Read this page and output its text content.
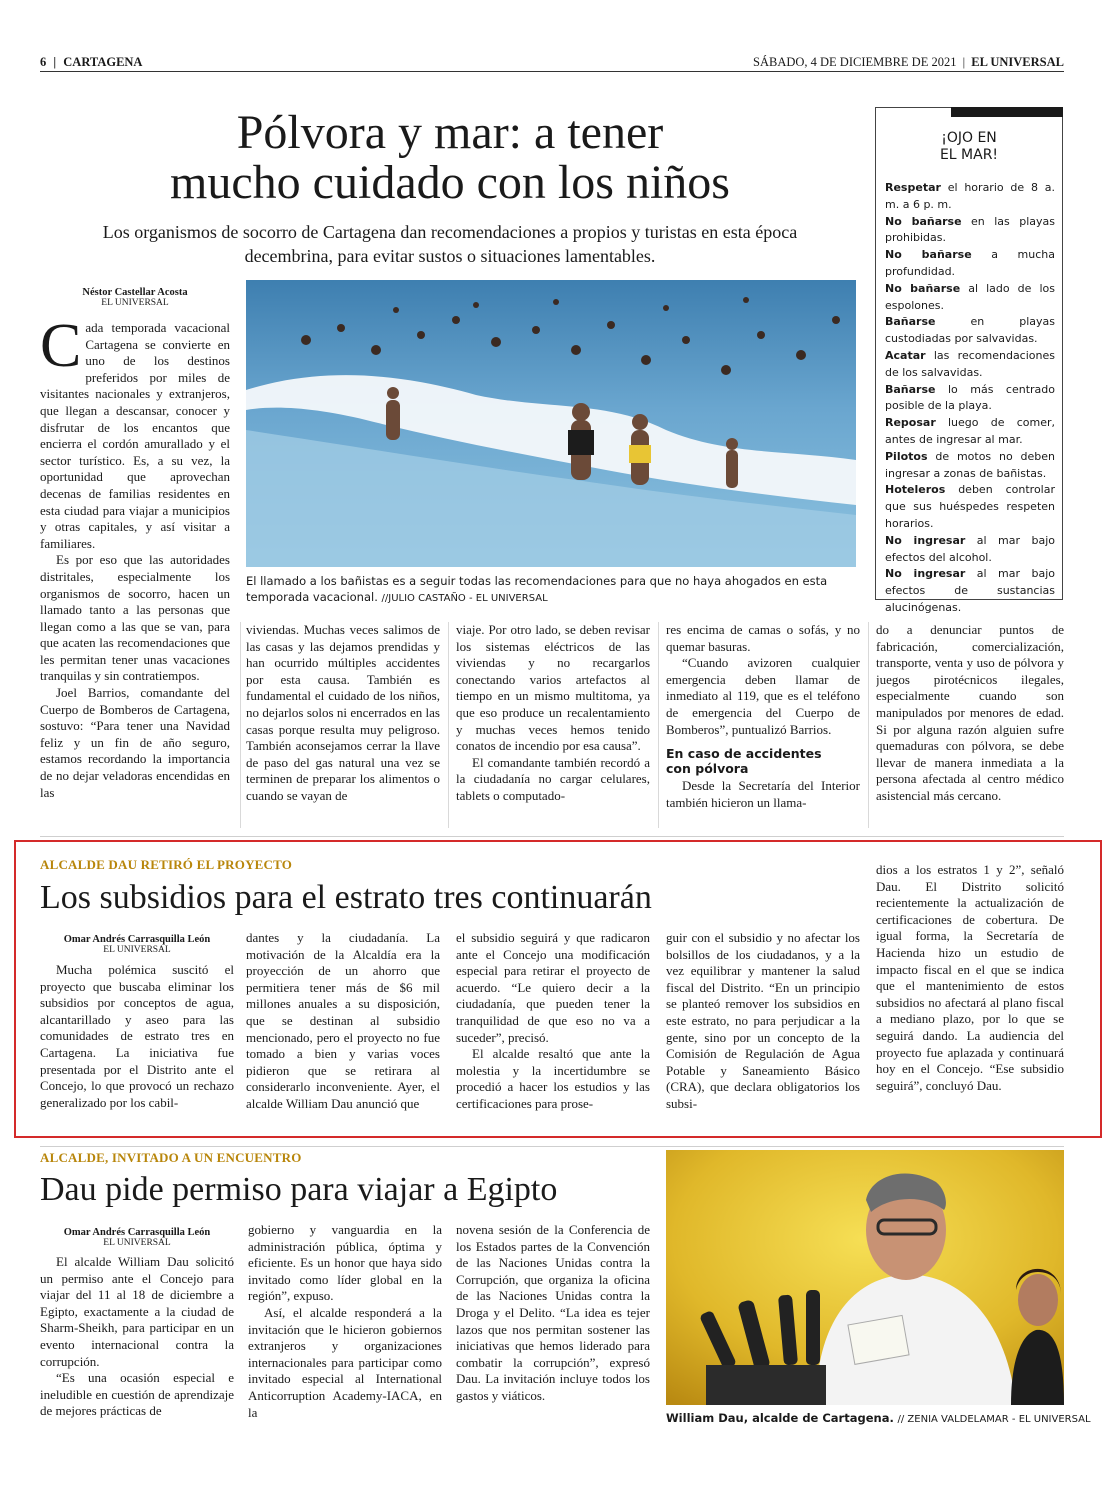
6 | CARTAGENA	SÁBADO, 4 DE DICIEMBRE DE 2021 | EL UNIVERSAL
Pólvora y mar: a tener
mucho cuidado con los niños
Los organismos de socorro de Cartagena dan recomendaciones a propios y turistas en esta época decembrina, para evitar sustos o situaciones lamentables.
Néstor Castellar Acosta
EL UNIVERSAL

Cada temporada vacacional Cartagena se convierte en uno de los destinos preferidos por miles de visitantes nacionales y extranjeros, que llegan a descansar, conocer y disfrutar de los encantos que encierra el cordón amurallado y el sector turístico. Es, a su vez, la oportunidad que aprovechan decenas de familias residentes en esta ciudad para viajar a municipios y otras capitales, y así visitar a familiares.

Es por eso que las autoridades distritales, especialmente los organismos de socorro, hacen un llamado tanto a las personas que llegan como a las que se van, para que acaten las recomendaciones que les permitan tener unas vacaciones tranquilas y sin contratiempos.

Joel Barrios, comandante del Cuerpo de Bomberos de Cartagena, sostuvo: “Para tener una Navidad feliz y un fin de año seguro, estamos recordando la importancia de no dejar veladoras encendidas en las

El llamado a los bañistas es a seguir todas las recomendaciones para que no haya ahogados en esta temporada vacacional. //JULIO CASTAÑO - EL UNIVERSAL

viviendas. Muchas veces salimos de las casas y las dejamos prendidas y han ocurrido múltiples accidentes por esta causa. También es fundamental el cuidado de los niños, no dejarlos solos ni encerrados en las casas porque resulta muy peligroso. También aconsejamos cerrar la llave de paso del gas natural una vez se terminen de preparar los alimentos o cuando se vayan de

viaje. Por otro lado, se deben revisar los sistemas eléctricos de las viviendas y no recargarlos conectando varios artefactos al tiempo en un mismo multitoma, ya que eso produce un recalentamiento y muchas veces hemos tenido conatos de incendio por esa causa”.

El comandante también recordó a la ciudadanía no cargar celulares, tablets o computado-

res encima de camas o sofás, y no quemar basuras.

“Cuando avizoren cualquier emergencia deben llamar de inmediato al 119, que es el teléfono de emergencia del Cuerpo de Bomberos”, puntualizó Barrios.

En caso de accidentes
con pólvora

Desde la Secretaría del Interior también hicieron un llama-

do a denunciar puntos de fabricación, comercialización, transporte, venta y uso de pólvora y juegos pirotécnicos ilegales, especialmente cuando son manipulados por menores de edad. Si por alguna razón alguien sufre quemaduras con pólvora, se debe llevar de manera inmediata a la persona afectada al centro médico asistencial más cercano.

¡OJO EN
EL MAR!

Respetar el horario de 8 a. m. a 6 p. m.

No bañarse en las playas prohibidas.

No bañarse a mucha profundidad.

No bañarse al lado de los espolones.

Bañarse en playas custodiadas por salvavidas.

Acatar las recomendaciones de los salvavidas.

Bañarse lo más centrado posible de la playa.

Reposar luego de comer, antes de ingresar al mar.

Pilotos de motos no deben ingresar a zonas de bañistas.

Hoteleros deben controlar que sus huéspedes respeten horarios.

No ingresar al mar bajo efectos del alcohol.

No ingresar al mar bajo efectos de sustancias alucinógenas.

ALCALDE DAU RETIRÓ EL PROYECTO
Los subsidios para el estrato tres continuarán
Omar Andrés Carrasquilla León
EL UNIVERSAL

Mucha polémica suscitó el proyecto que buscaba eliminar los subsidios por conceptos de agua, alcantarillado y aseo para las comunidades de estrato tres en Cartagena. La iniciativa fue presentada por el Distrito ante el Concejo, lo que provocó un rechazo generalizado por los cabil-

dantes y la ciudadanía. La motivación de la Alcaldía era la proyección de un ahorro que permitiera tener más de $6 mil millones anuales a su disposición, que se destinan al subsidio mencionado, pero el proyecto no fue tomado a bien y varias voces pidieron que se retirara al considerarlo inconveniente. Ayer, el alcalde William Dau anunció que

el subsidio seguirá y que radicaron ante el Concejo una modificación especial para retirar el proyecto de acuerdo. “Le quiero decir a la ciudadanía, que pueden tener la tranquilidad de que eso no va a suceder”, precisó.

El alcalde resaltó que ante la molestia y la incertidumbre se procedió a hacer los estudios y las certificaciones para prose-

guir con el subsidio y no afectar los bolsillos de los ciudadanos, y a la vez equilibrar y mantener la salud fiscal del Distrito. “En un principio se planteó remover los subsidios en este estrato, no para perjudicar a la gente, sino por un concepto de la Comisión de Regulación de Agua Potable y Saneamiento Básico (CRA), que declara obligatorios los subsi-

dios a los estratos 1 y 2”, señaló Dau. El Distrito solicitó recientemente la actualización de certificaciones de cobertura. De igual forma, la Secretaría de Hacienda hizo un estudio de impacto fiscal en el que se indica que el mantenimiento de estos subsidios no afectará al plano fiscal a mediano plazo, por lo que se seguirá dando. La audiencia del proyecto fue aplazada y continuará hoy en el Concejo. “Ese subsidio seguirá”, concluyó Dau.

ALCALDE, INVITADO A UN ENCUENTRO
Dau pide permiso para viajar a Egipto
Omar Andrés Carrasquilla León
EL UNIVERSAL

El alcalde William Dau solicitó un permiso ante el Concejo para viajar del 11 al 18 de diciembre a Egipto, exactamente a la ciudad de Sharm-Sheikh, para participar en un evento internacional contra la corrupción.

“Es una ocasión especial e ineludible en cuestión de aprendizaje de mejores prácticas de

gobierno y vanguardia en la administración pública, óptima y eficiente. Es un honor que haya sido invitado como líder global en la región”, expuso.

Así, el alcalde responderá a la invitación que le hicieron gobiernos extranjeros y organizaciones internacionales para participar como invitado especial al International Anticorruption Academy-IACA, en la

novena sesión de la Conferencia de los Estados partes de la Convención de las Naciones Unidas contra la Corrupción, que organiza la oficina de las Naciones Unidas contra la Droga y el Delito. “La idea es tejer lazos que nos permitan sostener las iniciativas que hemos liderado para combatir la corrupción”, expresó Dau. La invitación incluye todos los gastos y viáticos.

William Dau, alcalde de Cartagena. // ZENIA VALDELAMAR - EL UNIVERSAL
